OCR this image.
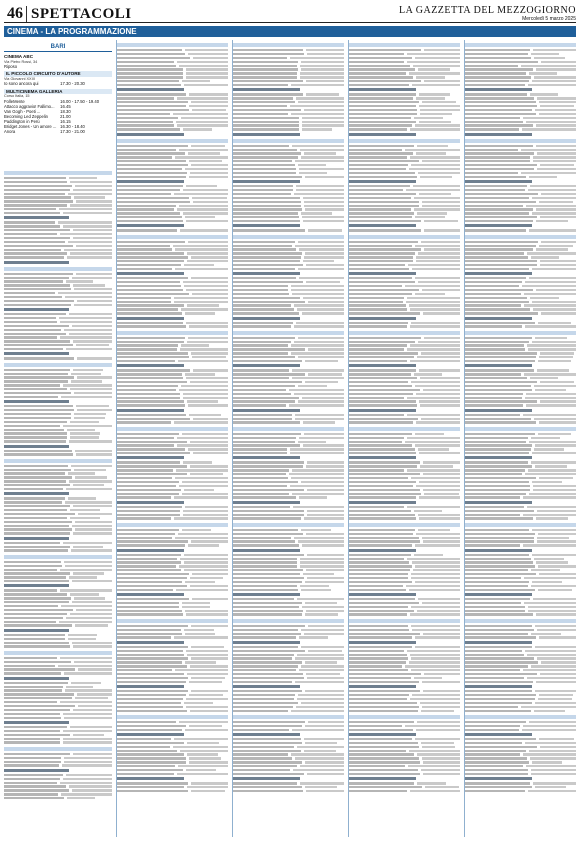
46 SPETTACOLI	LA GAZZETTA DEL MEZZOGIORNO
Mercoledì 5 marzo 2025
CINEMA - LA PROGRAMMAZIONE
BARI
CINEMA ABC
Via Pietro Rossi, 34
Riposo
IL PICCOLO CIRCUITO D'AUTORE
Via Giovanni XXIII
Io sono ancora qui	17.30 - 20.30
MULTICINEMA GALLERIA
Corso Italia, 15
FolleMente	16.00 - 17.50 - 19.40
Attacco aggravio! Fallimo...	16.45
Van Gogh - Poeti ...	18.30
Becoming Led Zeppelin	21.00
Paddington in Perù	16.15
Bridget Jones - Un amore ... 16.30 - 18.40
Anora	17.30 - 21.00
